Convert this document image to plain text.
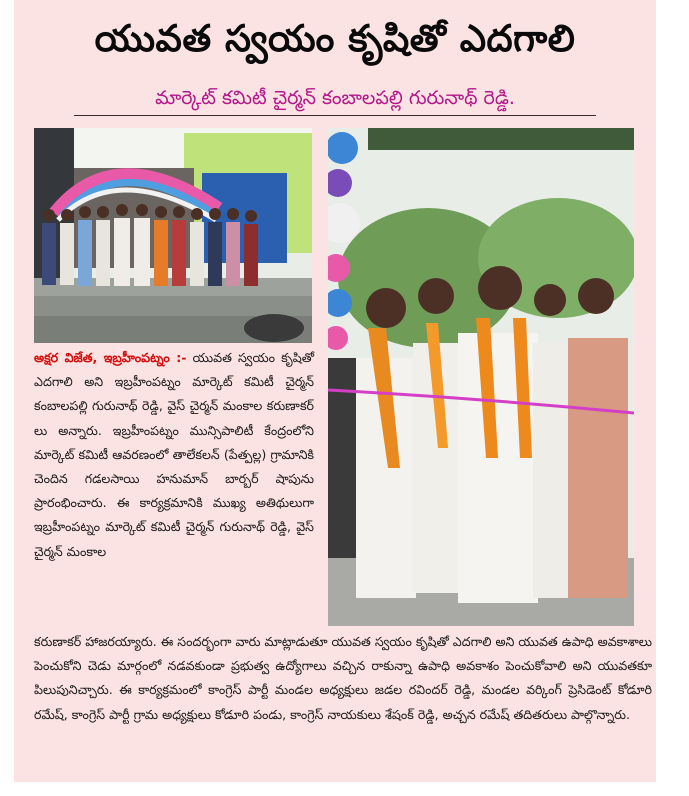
యువత స్వయం కృషితో ఎదగాలి
మార్కెట్ కమిటీ చైర్మన్ కంబాలపల్లి గురునాథ్ రెడ్డి.
అక్షర విజేత, ఇబ్రహీంపట్నం :- యువత స్వయం కృషితో ఎదగాలి అని ఇబ్రహీంపట్నం మార్కెట్ కమిటీ చైర్మన్ కంబాలపల్లి గురునాథ్ రెడ్డి, వైస్ చైర్మన్ మంకాల కరుణాకర్ లు అన్నారు. ఇబ్రహీంపట్నం మున్సిపాలిటీ కేంద్రంలోని మార్కెట్ కమిటీ ఆవరణంలో తాలేకలన్ (పేత్పల్ల) గ్రామానికి చెందిన గడలసాయి హనుమాన్ బార్బర్ షాపును ప్రారంభించారు. ఈ కార్యక్రమానికి ముఖ్య అతిథులుగా ఇబ్రహీంపట్నం మార్కెట్ కమిటీ చైర్మన్ గురునాథ్ రెడ్డి, వైస్ చైర్మన్ మంకాల
కరుణాకర్ హాజరయ్యారు. ఈ సందర్భంగా వారు మాట్లాడుతూ యువత స్వయం కృషితో ఎదగాలి అని యువత ఉపాధి అవకాశాలు పెంచుకోని చెడు మార్గంలో నడవకుండా ప్రభుత్వ ఉద్యోగాలు వచ్చిన రాకున్నా ఉపాధి అవకాశం పెంచుకోవాలి అని యువతకూ పిలుపునిచ్చారు. ఈ కార్యక్రమంలో కాంగ్రెస్ పార్టీ మండల అధ్యక్షులు జడల రవిందర్ రెడ్డి, మండల వర్కింగ్ ప్రెసిడెంట్ కోడూరి రమేష్, కాంగ్రెస్ పార్టీ గ్రామ అధ్యక్షులు కోడూరి పండు, కాంగ్రెస్ నాయకులు శేషంక్ రెడ్డి, అచ్చన రమేష్ తదితరులు పాల్గొన్నారు.
